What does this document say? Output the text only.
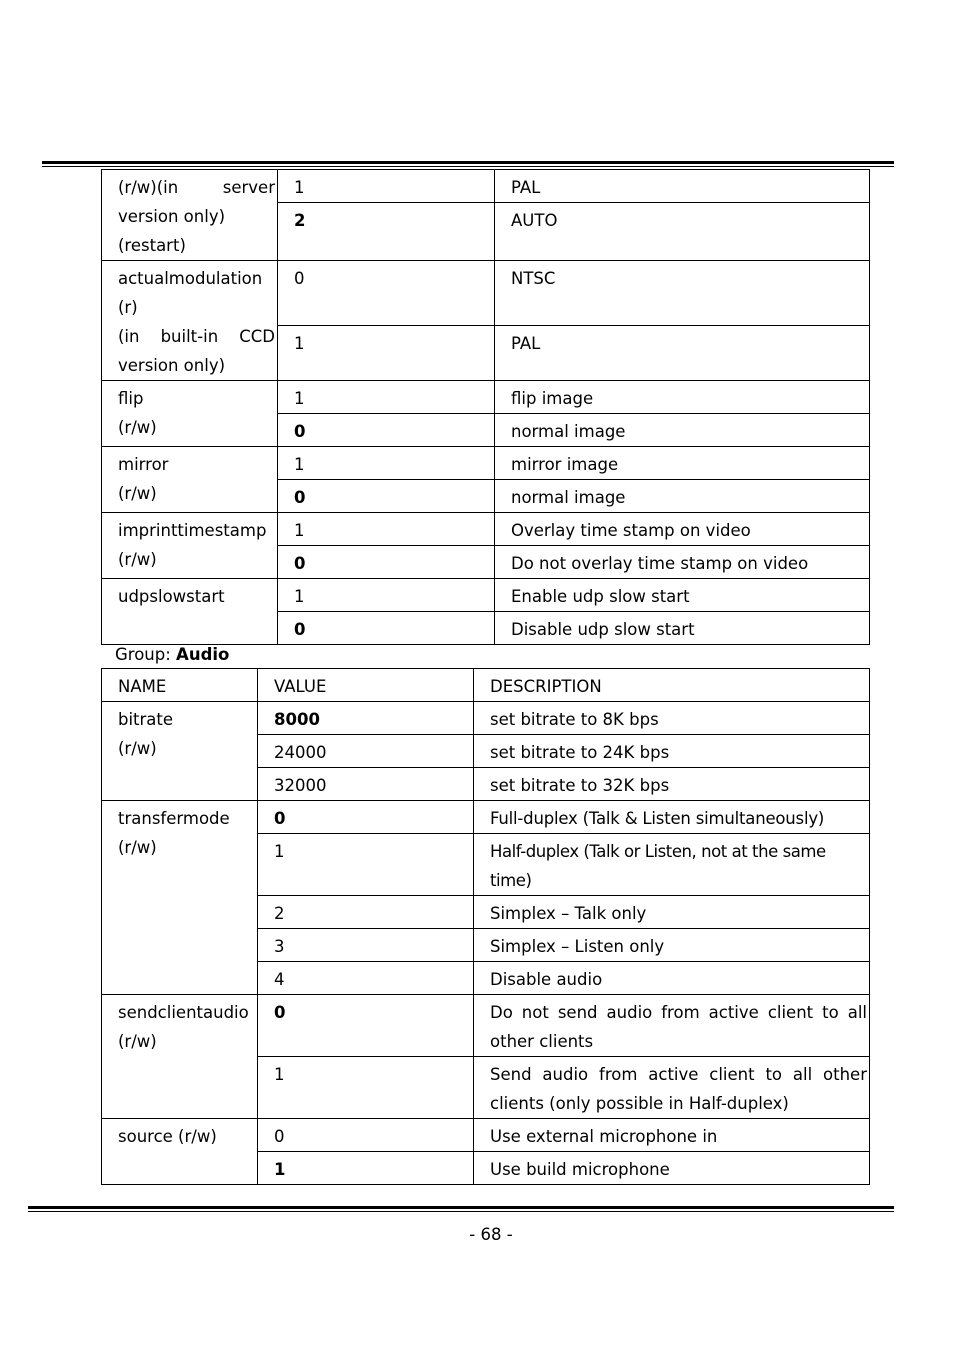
(r/w)(in server
version only)
(restart)	1	PAL
	2	AUTO

actualmodulation
(r)
(in built-in CCD
version only)	0	NTSC
	1	PAL

flip
(r/w)	1	flip image
	0	normal image

mirror
(r/w)	1	mirror image
	0	normal image

imprinttimestamp
(r/w)	1	Overlay time stamp on video
	0	Do not overlay time stamp on video

udpslowstart	1	Enable udp slow start
	0	Disable udp slow start
Group: Audio
NAME	VALUE	DESCRIPTION

bitrate
(r/w)	8000	set bitrate to 8K bps
	24000	set bitrate to 24K bps
	32000	set bitrate to 32K bps

transfermode
(r/w)	0	Full-duplex (Talk & Listen simultaneously)
	1	Half-duplex (Talk or Listen, not at the same time)
	2	Simplex – Talk only
	3	Simplex – Listen only
	4	Disable audio

sendclientaudio
(r/w)	0	Do not send audio from active client to all other clients
	1	Send audio from active client to all other clients (only possible in Half-duplex)

source (r/w)	0	Use external microphone in
	1	Use build microphone
- 68 -
